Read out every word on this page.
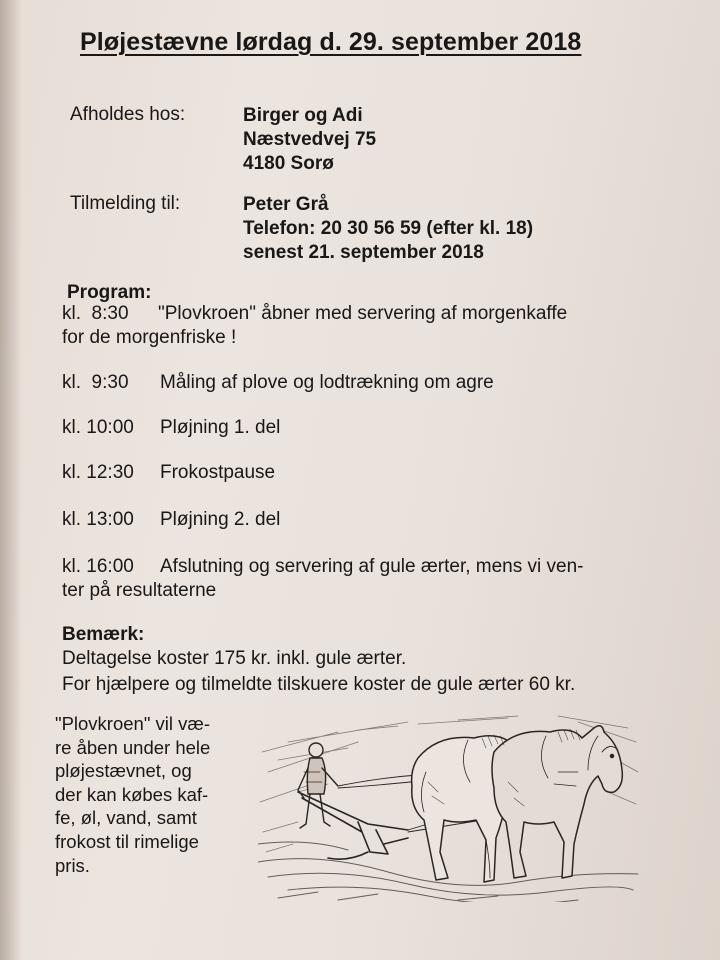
Pløjestævne lørdag d. 29. september 2018
Afholdes hos:	Birger og Adi
Næstvedvej 75
4180 Sorø
Tilmelding til:	Peter Grå
Telefon: 20 30 56 59 (efter kl. 18)
senest 21. september 2018
Program:
kl.  8:30 "Plovkroen" åbner med servering af morgenkaffe
for de morgenfriske !
kl.  9:30 Måling af plove og lodtrækning om agre
kl. 10:00 Pløjning 1. del
kl. 12:30 Frokostpause
kl. 13:00 Pløjning 2. del
kl. 16:00 Afslutning og servering af gule ærter, mens vi ven-
ter på resultaterne
Bemærk:
Deltagelse koster 175 kr. inkl. gule ærter.
For hjælpere og tilmeldte tilskuere koster de gule ærter 60 kr.
"Plovkroen" vil væ-
re åben under hele
pløjestævnet, og
der kan købes kaf-
fe, øl, vand, samt
frokost til rimelige
pris.
